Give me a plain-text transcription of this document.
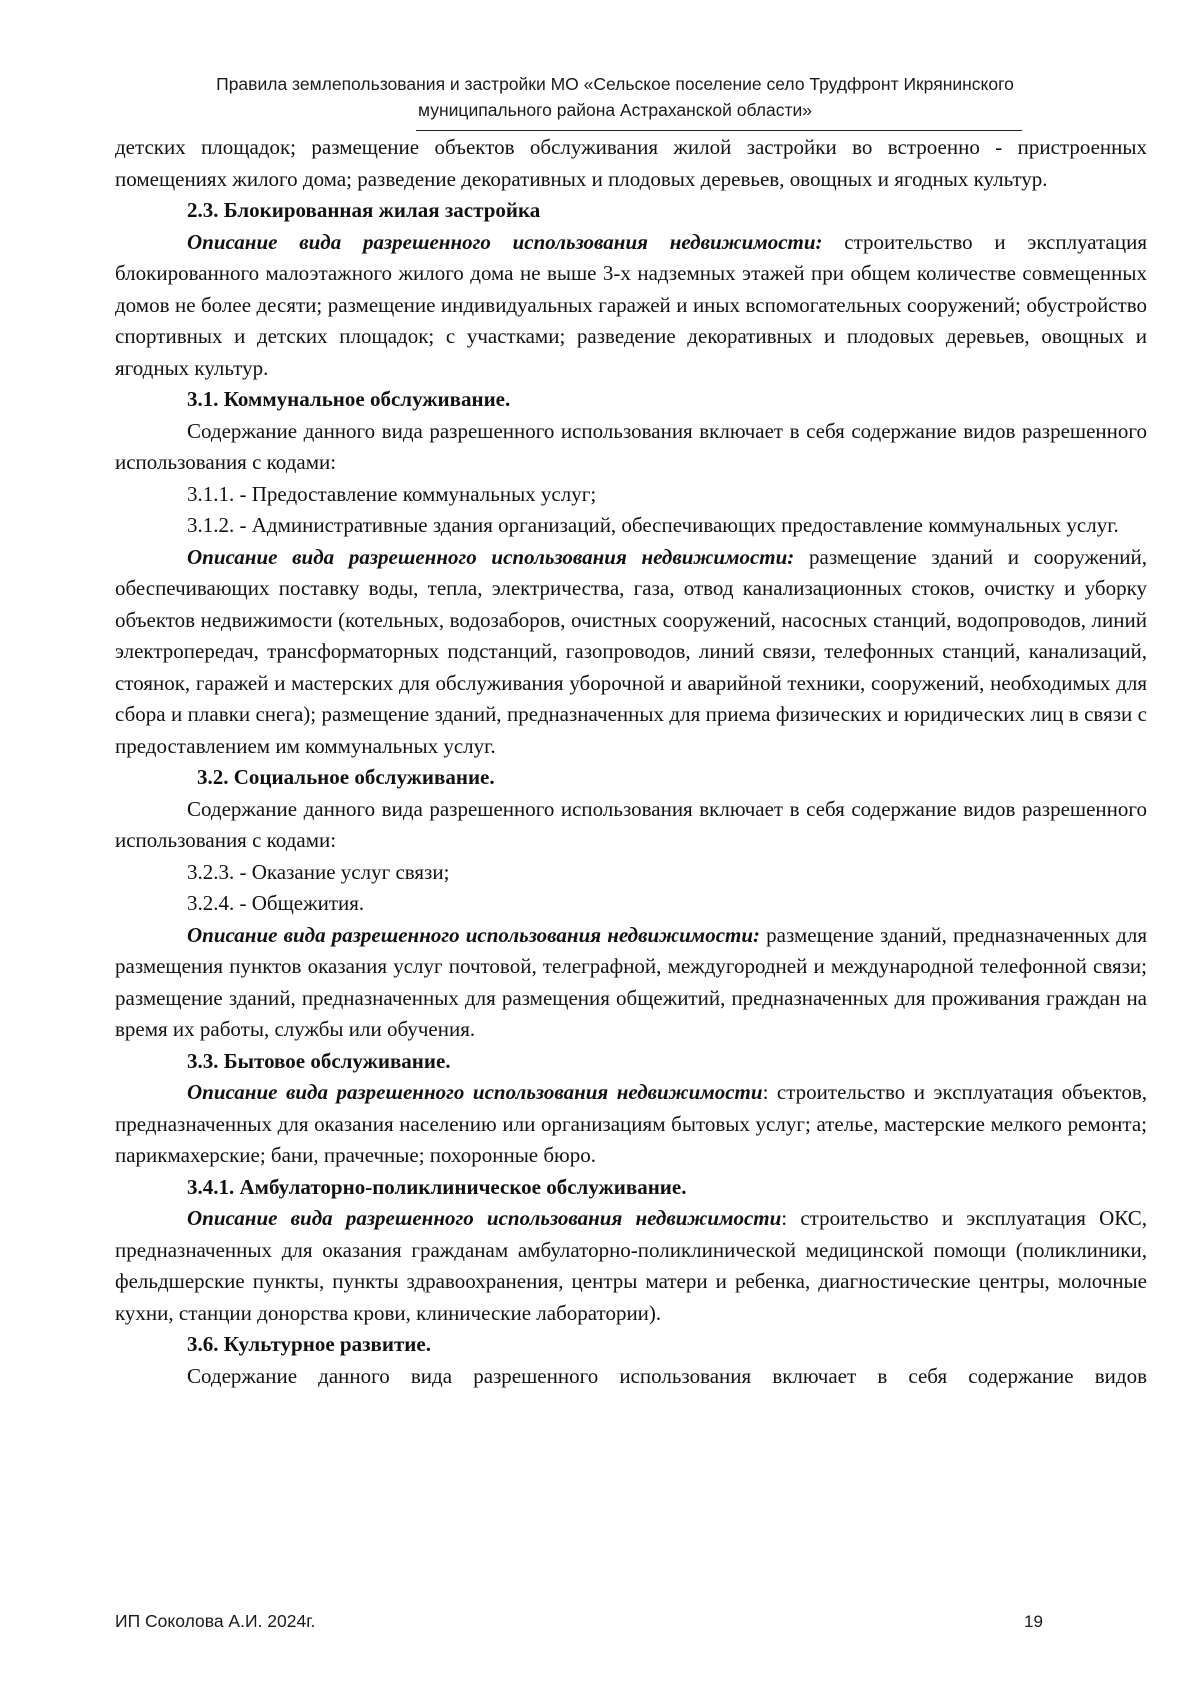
Правила землепользования и застройки МО «Сельское поселение село Трудфронт Икрянинского
муниципального района Астраханской области»

детских площадок; размещение объектов обслуживания жилой застройки во встроенно - пристроенных помещениях жилого дома; разведение декоративных и плодовых деревьев, овощных и ягодных культур.

2.3. Блокированная жилая застройка

Описание вида разрешенного использования недвижимости: строительство и эксплуатация блокированного малоэтажного жилого дома не выше 3-х надземных этажей при общем количестве совмещенных домов не более десяти; размещение индивидуальных гаражей и иных вспомогательных сооружений; обустройство спортивных и детских площадок; с участками; разведение декоративных и плодовых деревьев, овощных и ягодных культур.

3.1. Коммунальное обслуживание.

Содержание данного вида разрешенного использования включает в себя содержание видов разрешенного использования с кодами:

3.1.1. - Предоставление коммунальных услуг;

3.1.2. - Административные здания организаций, обеспечивающих предоставление коммунальных услуг.

Описание вида разрешенного использования недвижимости: размещение зданий и сооружений, обеспечивающих поставку воды, тепла, электричества, газа, отвод канализационных стоков, очистку и уборку объектов недвижимости (котельных, водозаборов, очистных сооружений, насосных станций, водопроводов, линий электропередач, трансформаторных подстанций, газопроводов, линий связи, телефонных станций, канализаций, стоянок, гаражей и мастерских для обслуживания уборочной и аварийной техники, сооружений, необходимых для сбора и плавки снега); размещение зданий, предназначенных для приема физических и юридических лиц в связи с предоставлением им коммунальных услуг.

3.2. Социальное обслуживание.

Содержание данного вида разрешенного использования включает в себя содержание видов разрешенного использования с кодами:

3.2.3. - Оказание услуг связи;

3.2.4. - Общежития.

Описание вида разрешенного использования недвижимости: размещение зданий, предназначенных для размещения пунктов оказания услуг почтовой, телеграфной, междугородней и международной телефонной связи; размещение зданий, предназначенных для размещения общежитий, предназначенных для проживания граждан на время их работы, службы или обучения.

3.3. Бытовое обслуживание.

Описание вида разрешенного использования недвижимости: строительство и эксплуатация объектов, предназначенных для оказания населению или организациям бытовых услуг; ателье, мастерские мелкого ремонта; парикмахерские; бани, прачечные; похоронные бюро.

3.4.1. Амбулаторно-поликлиническое обслуживание.

Описание вида разрешенного использования недвижимости: строительство и эксплуатация ОКС, предназначенных для оказания гражданам амбулаторно-поликлинической медицинской помощи (поликлиники, фельдшерские пункты, пункты здравоохранения, центры матери и ребенка, диагностические центры, молочные кухни, станции донорства крови, клинические лаборатории).

3.6. Культурное развитие.

Содержание данного вида разрешенного использования включает в себя содержание видов

ИП Соколова А.И. 2024г.	19
